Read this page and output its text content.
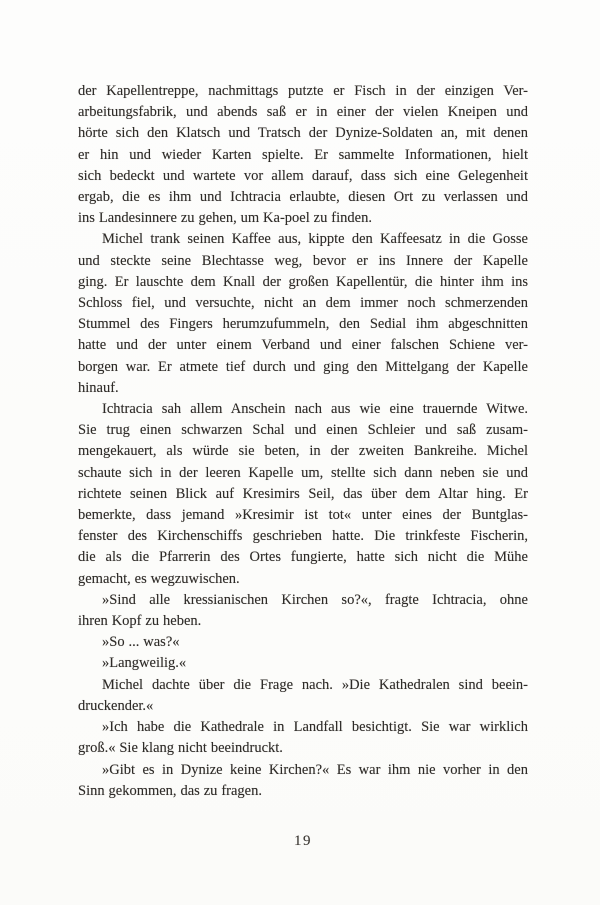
der Kapellentreppe, nachmittags putzte er Fisch in der einzigen Ver-
arbeitungsfabrik, und abends saß er in einer der vielen Kneipen und
hörte sich den Klatsch und Tratsch der Dynize-Soldaten an, mit denen
er hin und wieder Karten spielte. Er sammelte Informationen, hielt
sich bedeckt und wartete vor allem darauf, dass sich eine Gelegenheit
ergab, die es ihm und Ichtracia erlaubte, diesen Ort zu verlassen und
ins Landesinnere zu gehen, um Ka-poel zu finden.

Michel trank seinen Kaffee aus, kippte den Kaffeesatz in die Gosse
und steckte seine Blechtasse weg, bevor er ins Innere der Kapelle
ging. Er lauschte dem Knall der großen Kapellentür, die hinter ihm ins
Schloss fiel, und versuchte, nicht an dem immer noch schmerzenden
Stummel des Fingers herumzufummeln, den Sedial ihm abgeschnitten
hatte und der unter einem Verband und einer falschen Schiene ver-
borgen war. Er atmete tief durch und ging den Mittelgang der Kapelle
hinauf.

Ichtracia sah allem Anschein nach aus wie eine trauernde Witwe.
Sie trug einen schwarzen Schal und einen Schleier und saß zusam-
mengekauert, als würde sie beten, in der zweiten Bankreihe. Michel
schaute sich in der leeren Kapelle um, stellte sich dann neben sie und
richtete seinen Blick auf Kresimirs Seil, das über dem Altar hing. Er
bemerkte, dass jemand »Kresimir ist tot« unter eines der Buntglas-
fenster des Kirchenschiffs geschrieben hatte. Die trinkfeste Fischerin,
die als die Pfarrerin des Ortes fungierte, hatte sich nicht die Mühe
gemacht, es wegzuwischen.

»Sind alle kressianischen Kirchen so?«, fragte Ichtracia, ohne
ihren Kopf zu heben.

»So ... was?«

»Langweilig.«

Michel dachte über die Frage nach. »Die Kathedralen sind beein-
druckender.«

»Ich habe die Kathedrale in Landfall besichtigt. Sie war wirklich
groß.« Sie klang nicht beeindruckt.

»Gibt es in Dynize keine Kirchen?« Es war ihm nie vorher in den
Sinn gekommen, das zu fragen.

19
